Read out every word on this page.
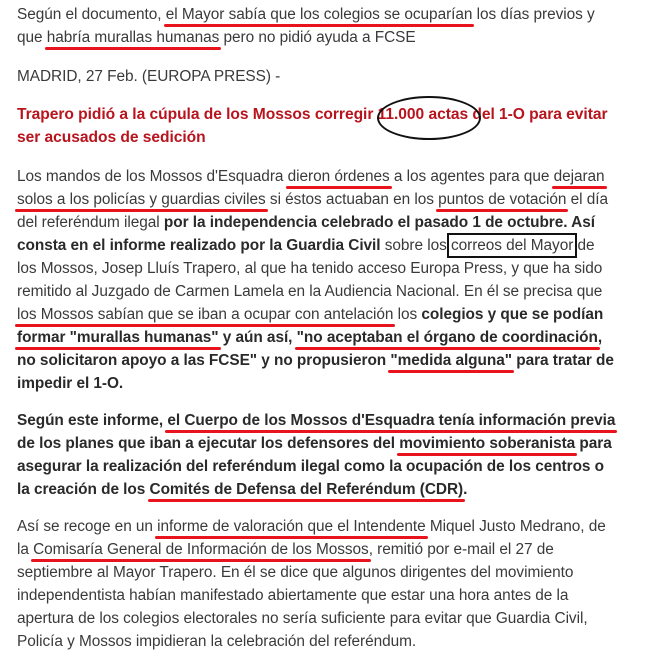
Según el documento, el Mayor sabía que los colegios se ocuparían los días previos y
que habría murallas humanas pero no pidió ayuda a FCSE
MADRID, 27 Feb. (EUROPA PRESS) -
Trapero pidió a la cúpula de los Mossos corregir 11.000 actas del 1-O para evitar
ser acusados de sedición
Los mandos de los Mossos d'Esquadra dieron órdenes a los agentes para que dejaran
solos a los policías y guardias civiles si éstos actuaban en los puntos de votación el día
del referéndum ilegal por la independencia celebrado el pasado 1 de octubre. Así
consta en el informe realizado por la Guardia Civil sobre los correos del Mayor de
los Mossos, Josep Lluís Trapero, al que ha tenido acceso Europa Press, y que ha sido
remitido al Juzgado de Carmen Lamela en la Audiencia Nacional. En él se precisa que
los Mossos sabían que se iban a ocupar con antelación los colegios y que se podían
formar "murallas humanas" y aún así, "no aceptaban el órgano de coordinación,
no solicitaron apoyo a las FCSE" y no propusieron "medida alguna" para tratar de
impedir el 1-O.
Según este informe, el Cuerpo de los Mossos d'Esquadra tenía información previa
de los planes que iban a ejecutar los defensores del movimiento soberanista para
asegurar la realización del referéndum ilegal como la ocupación de los centros o
la creación de los Comités de Defensa del Referéndum (CDR).
Así se recoge en un informe de valoración que el Intendente Miquel Justo Medrano, de
la Comisaría General de Información de los Mossos, remitió por e-mail el 27 de
septiembre al Mayor Trapero. En él se dice que algunos dirigentes del movimiento
independentista habían manifestado abiertamente que estar una hora antes de la
apertura de los colegios electorales no sería suficiente para evitar que Guardia Civil,
Policía y Mossos impidieran la celebración del referéndum.
